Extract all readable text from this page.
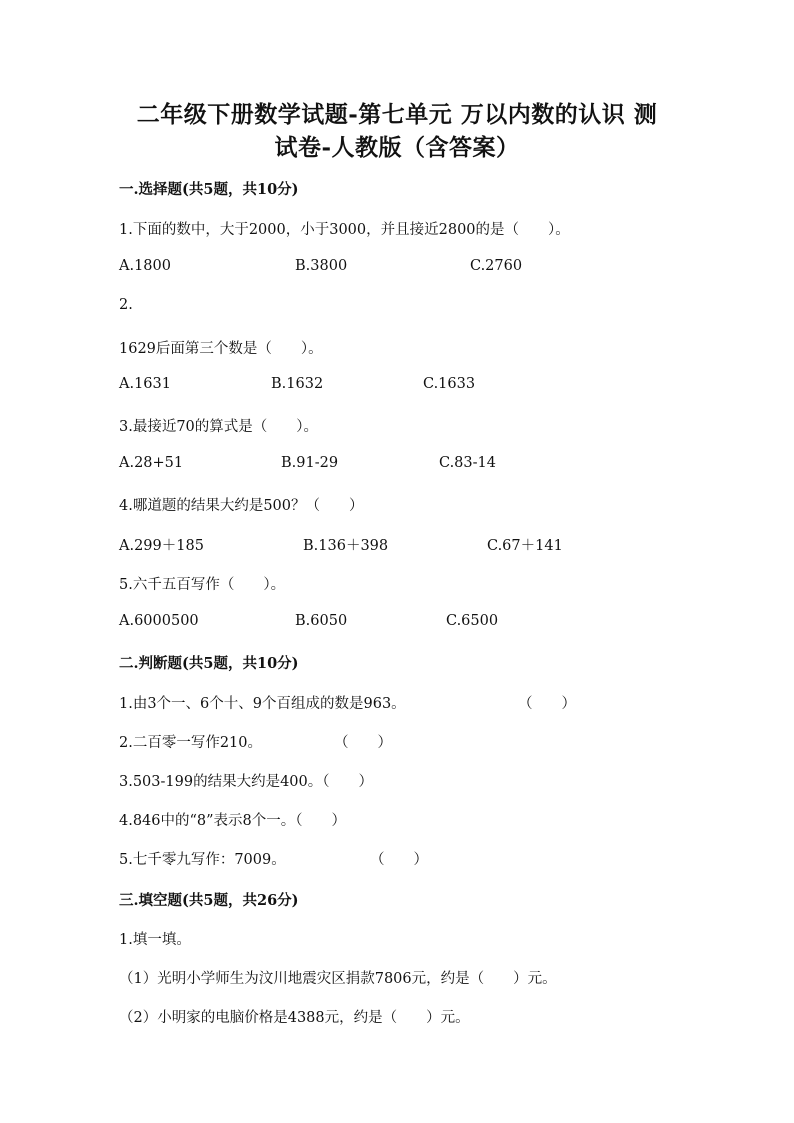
二年级下册数学试题-第七单元 万以内数的认识 测
试卷-人教版（含答案）
一.选择题(共5题，共10分)
1.下面的数中，大于2000，小于3000，并且接近2800的是（　　）。
A.1800	B.3800	C.2760
2.
1629后面第三个数是（　　）。
A.1631	B.1632	C.1633
3.最接近70的算式是（　　）。
A.28+51	B.91-29	C.83-14
4.哪道题的结果大约是500？（　　）
A.299＋185	B.136＋398	C.67＋141
5.六千五百写作（　　）。
A.6000500	B.6050	C.6500
二.判断题(共5题，共10分)
1.由3个一、6个十、9个百组成的数是963。	（　　）
2.二百零一写作210。	（　　）
3.503-199的结果大约是400。（　　）
4.846中的“8”表示8个一。（　　）
5.七千零九写作：7009。	（　　）
三.填空题(共5题，共26分)
1.填一填。
（1）光明小学师生为汶川地震灾区捐款7806元，约是（　　）元。
（2）小明家的电脑价格是4388元，约是（　　）元。
